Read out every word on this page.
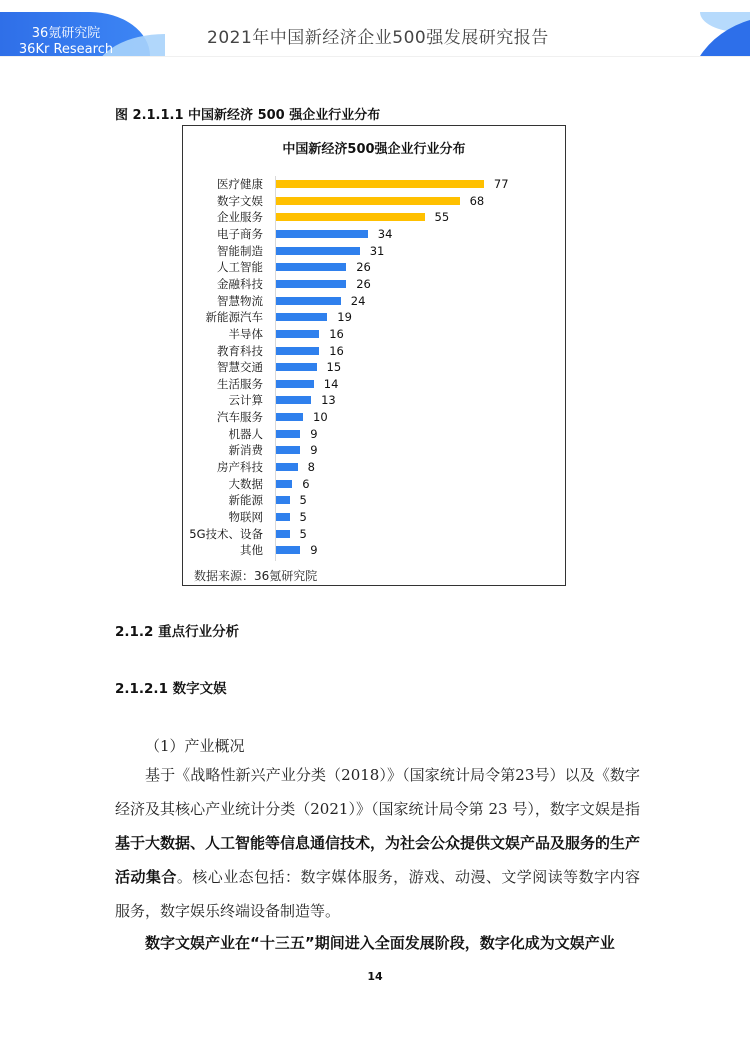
36氪研究院
36Kr Research
2021年中国新经济企业500强发展研究报告
图 2.1.1.1 中国新经济 500 强企业行业分布
中国新经济500强企业行业分布
医疗健康	77
数字文娱	68
企业服务	55
电子商务	34
智能制造	31
人工智能	26
金融科技	26
智慧物流	24
新能源汽车	19
半导体	16
教育科技	16
智慧交通	15
生活服务	14
云计算	13
汽车服务	10
机器人	9
新消费	9
房产科技	8
大数据	6
新能源	5
物联网	5
5G技术、设备	5
其他	9
数据来源：36氪研究院
2.1.2 重点行业分析
2.1.2.1 数字文娱
（1）产业概况
基于《战略性新兴产业分类（2018）》（国家统计局令第23号）以及《数字经济及其核心产业统计分类（2021）》（国家统计局令第 23 号），数字文娱是指基于大数据、人工智能等信息通信技术，为社会公众提供文娱产品及服务的生产活动集合。核心业态包括：数字媒体服务，游戏、动漫、文学阅读等数字内容服务，数字娱乐终端设备制造等。
数字文娱产业在“十三五”期间进入全面发展阶段，数字化成为文娱产业
14
